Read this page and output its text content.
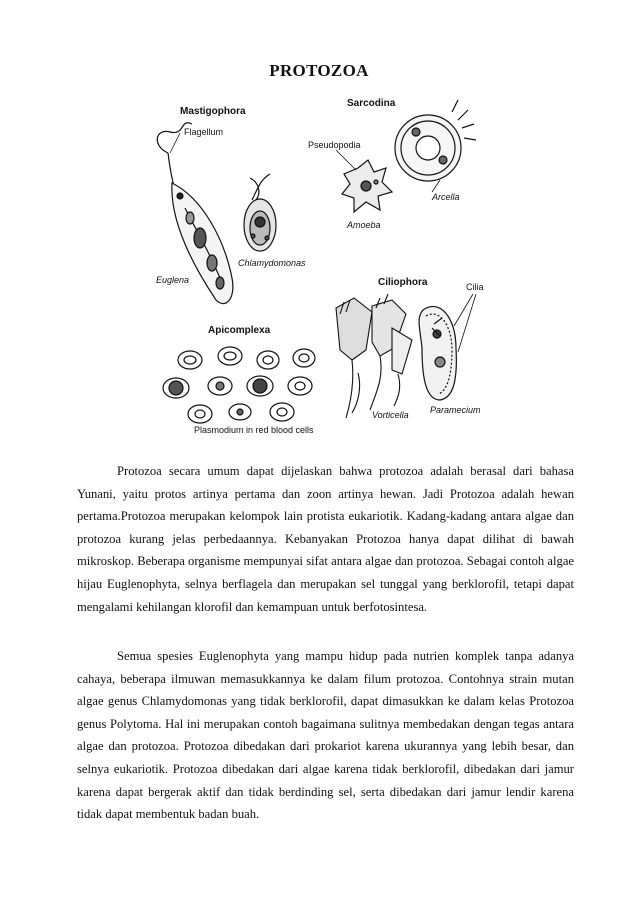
PROTOZOA
Mastigophora
Sarcodina
Apicomplexa
Ciliophora
Flagellum
Euglena
Chlamydomonas
Pseudopodia
Amoeba
Arcella
Vorticella
Cilia
Paramecium
Plasmodium in red blood cells
Protozoa secara umum dapat dijelaskan bahwa protozoa adalah berasal dari bahasa Yunani, yaitu protos artinya pertama dan zoon artinya hewan. Jadi Protozoa adalah hewan pertama.Protozoa merupakan kelompok lain protista eukariotik. Kadang-kadang antara algae dan protozoa kurang jelas perbedaannya. Kebanyakan Protozoa hanya dapat dilihat di bawah mikroskop. Beberapa organisme mempunyai sifat antara algae dan protozoa. Sebagai contoh algae hijau Euglenophyta, selnya berflagela dan merupakan sel tunggal yang berklorofil, tetapi dapat mengalami kehilangan klorofil dan kemampuan untuk berfotosintesa.
Semua spesies Euglenophyta yang mampu hidup pada nutrien komplek tanpa adanya cahaya, beberapa ilmuwan memasukkannya ke dalam filum protozoa. Contohnya strain mutan algae genus Chlamydomonas yang tidak berklorofil, dapat dimasukkan ke dalam kelas Protozoa genus Polytoma. Hal ini merupakan contoh bagaimana sulitnya membedakan dengan tegas antara algae dan protozoa. Protozoa dibedakan dari prokariot karena ukurannya yang lebih besar, dan selnya eukariotik. Protozoa dibedakan dari algae karena tidak berklorofil, dibedakan dari jamur karena dapat bergerak aktif dan tidak berdinding sel, serta dibedakan dari jamur lendir karena tidak dapat membentuk badan buah.
